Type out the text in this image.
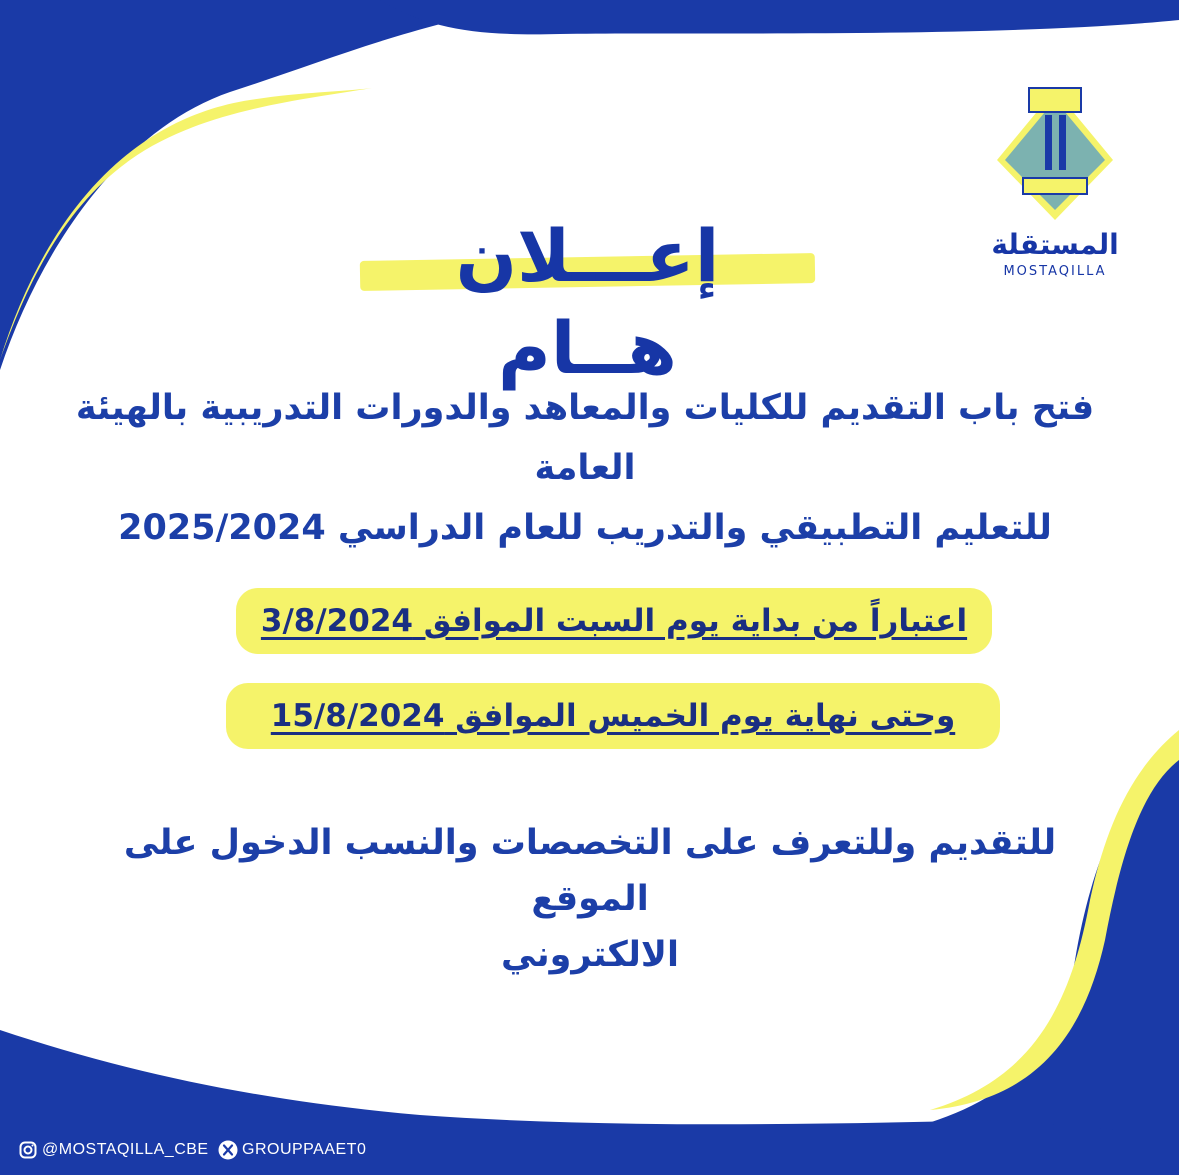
المستقلة
MOSTAQILLA
إعـــلان هــام
فتح باب التقديم للكليات والمعاهد والدورات التدريبية بالهيئة العامة
للتعليم التطبيقي والتدريب للعام الدراسي 2025/2024
اعتباراً من بداية يوم السبت الموافق 3/8/2024
وحتى نهاية يوم الخميس الموافق 15/8/2024
للتقديم وللتعرف على التخصصات والنسب الدخول على الموقع
الالكتروني
@MOSTAQILLA_CBE GROUPPAAET0
